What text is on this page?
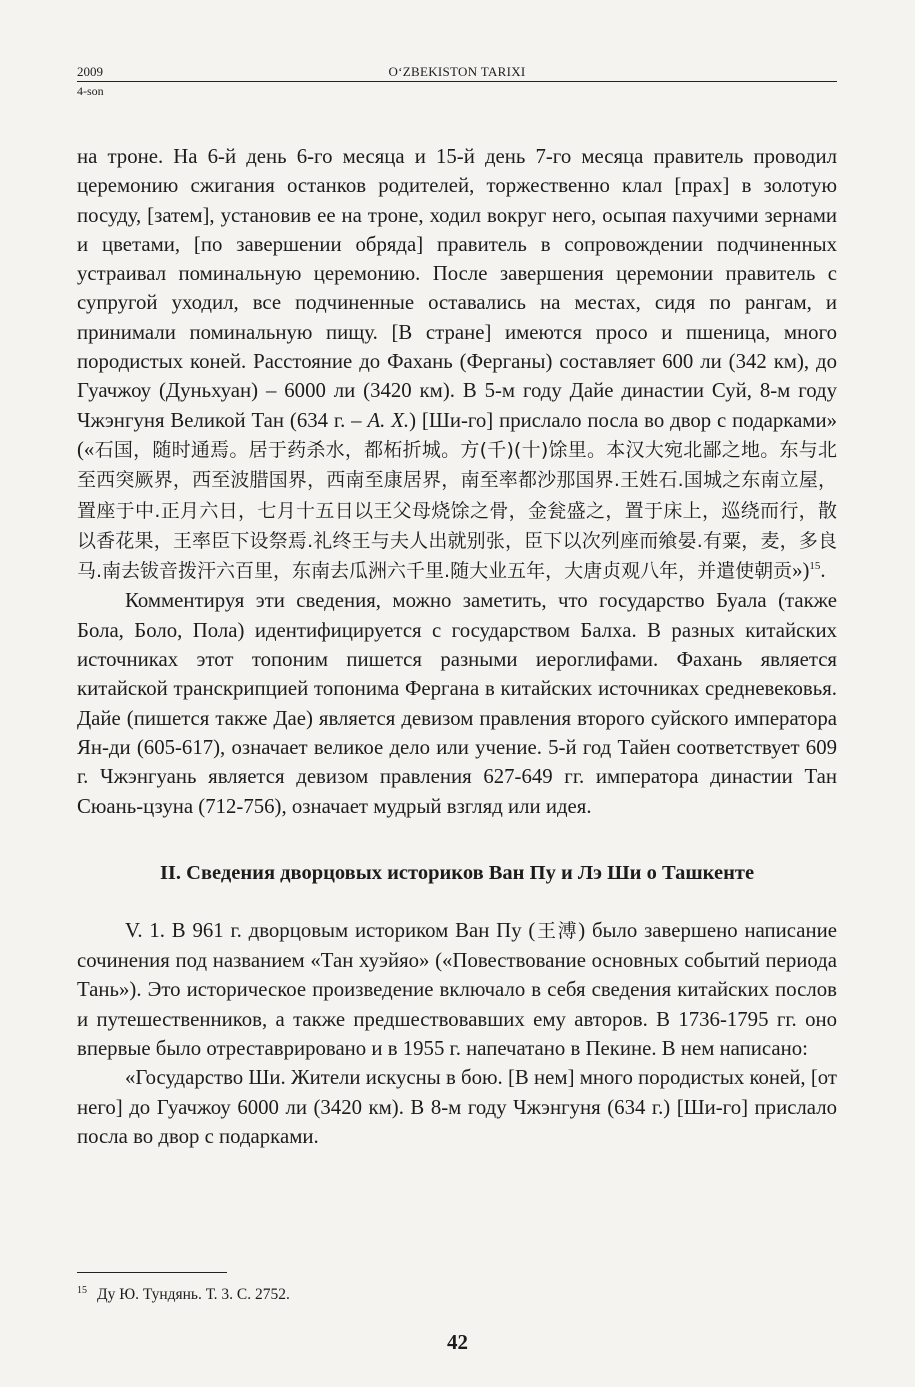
2009	O‘ZBEKISTON TARIXI
4-son

на троне. На 6-й день 6-го месяца и 15-й день 7-го месяца правитель проводил церемонию сжигания останков родителей, торжественно клал [прах] в золотую посуду, [затем], установив ее на троне, ходил вокруг него, осыпая пахучими зернами и цветами, [по завершении обряда] правитель в сопровождении подчиненных устраивал поминальную церемонию. После завершения церемонии правитель с супругой уходил, все подчиненные оставались на местах, сидя по рангам, и принимали поминальную пищу. [В стране] имеются просо и пшеница, много породистых коней. Расстояние до Фахань (Ферганы) составляет 600 ли (342 км), до Гуачжоу (Дуньхуан) – 6000 ли (3420 км). В 5-м году Дайе династии Суй, 8-м году Чжэнгуня Великой Тан (634 г. – А. Х.) [Ши-го] прислало посла во двор с подарками» («石国，随时通焉。居于药杀水，都柘折城。方(千)(十)馀里。本汉大宛北鄙之地。东与北至西突厥界，西至波腊国界，西南至康居界，南至率都沙那国界.王姓石.国城之东南立屋，置座于中.正月六日，七月十五日以王父母烧馀之骨，金瓮盛之，置于床上，巡绕而行，散以香花果，王率臣下设祭焉.礼终王与夫人出就别张，臣下以次列座而飨晏.有粟，麦，多良马.南去钹音拨汗六百里，东南去瓜洲六千里.随大业五年，大唐贞观八年，并遣使朝贡»)$^{15}$.

Комментируя эти сведения, можно заметить, что государство Буала (также Бола, Боло, Пола) идентифицируется с государством Балха. В разных китайских источниках этот топоним пишется разными иероглифами. Фахань является китайской транскрипцией топонима Фергана в китайских источниках средневековья. Дайе (пишется также Дае) является девизом правления второго суйского императора Ян-ди (605-617), означает великое дело или учение. 5-й год Тайен соответствует 609 г. Чжэнгуань является девизом правления 627-649 гг. императора династии Тан Сюань-цзуна (712-756), означает мудрый взгляд или идея.

II. Сведения дворцовых историков Ван Пу и Лэ Ши о Ташкенте

V. 1. В 961 г. дворцовым историком Ван Пу (王溥) было завершено написание сочинения под названием «Тан хуэйяо» («Повествование основных событий периода Тань»). Это историческое произведение включало в себя сведения китайских послов и путешественников, а также предшествовавших ему авторов. В 1736-1795 гг. оно впервые было отреставрировано и в 1955 г. напечатано в Пекине. В нем написано:

«Государство Ши. Жители искусны в бою. [В нем] много породистых коней, [от него] до Гуачжоу 6000 ли (3420 км). В 8-м году Чжэнгуня (634 г.) [Ши-го] прислало посла во двор с подарками.

$^{15}$ Ду Ю. Тундянь. Т. 3. С. 2752.
42
